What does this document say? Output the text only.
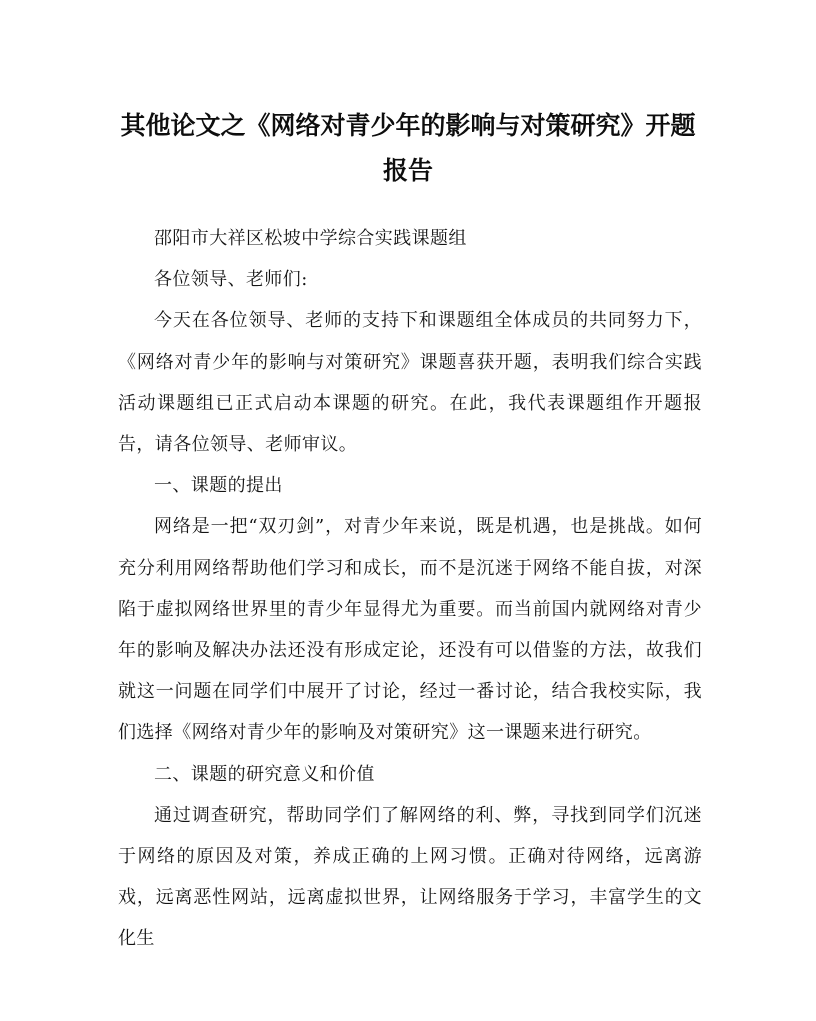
其他论文之《网络对青少年的影响与对策研究》开题报告

邵阳市大祥区松坡中学综合实践课题组

各位领导、老师们:

今天在各位领导、老师的支持下和课题组全体成员的共同努力下，《网络对青少年的影响与对策研究》课题喜获开题，表明我们综合实践活动课题组已正式启动本课题的研究。在此，我代表课题组作开题报告，请各位领导、老师审议。

一、课题的提出

网络是一把“双刃剑”，对青少年来说，既是机遇，也是挑战。如何充分利用网络帮助他们学习和成长，而不是沉迷于网络不能自拔，对深陷于虚拟网络世界里的青少年显得尤为重要。而当前国内就网络对青少年的影响及解决办法还没有形成定论，还没有可以借鉴的方法，故我们就这一问题在同学们中展开了讨论，经过一番讨论，结合我校实际，我们选择《网络对青少年的影响及对策研究》这一课题来进行研究。

二、课题的研究意义和价值

通过调查研究，帮助同学们了解网络的利、弊，寻找到同学们沉迷于网络的原因及对策，养成正确的上网习惯。正确对待网络，远离游戏，远离恶性网站，远离虚拟世界，让网络服务于学习，丰富学生的文化生
